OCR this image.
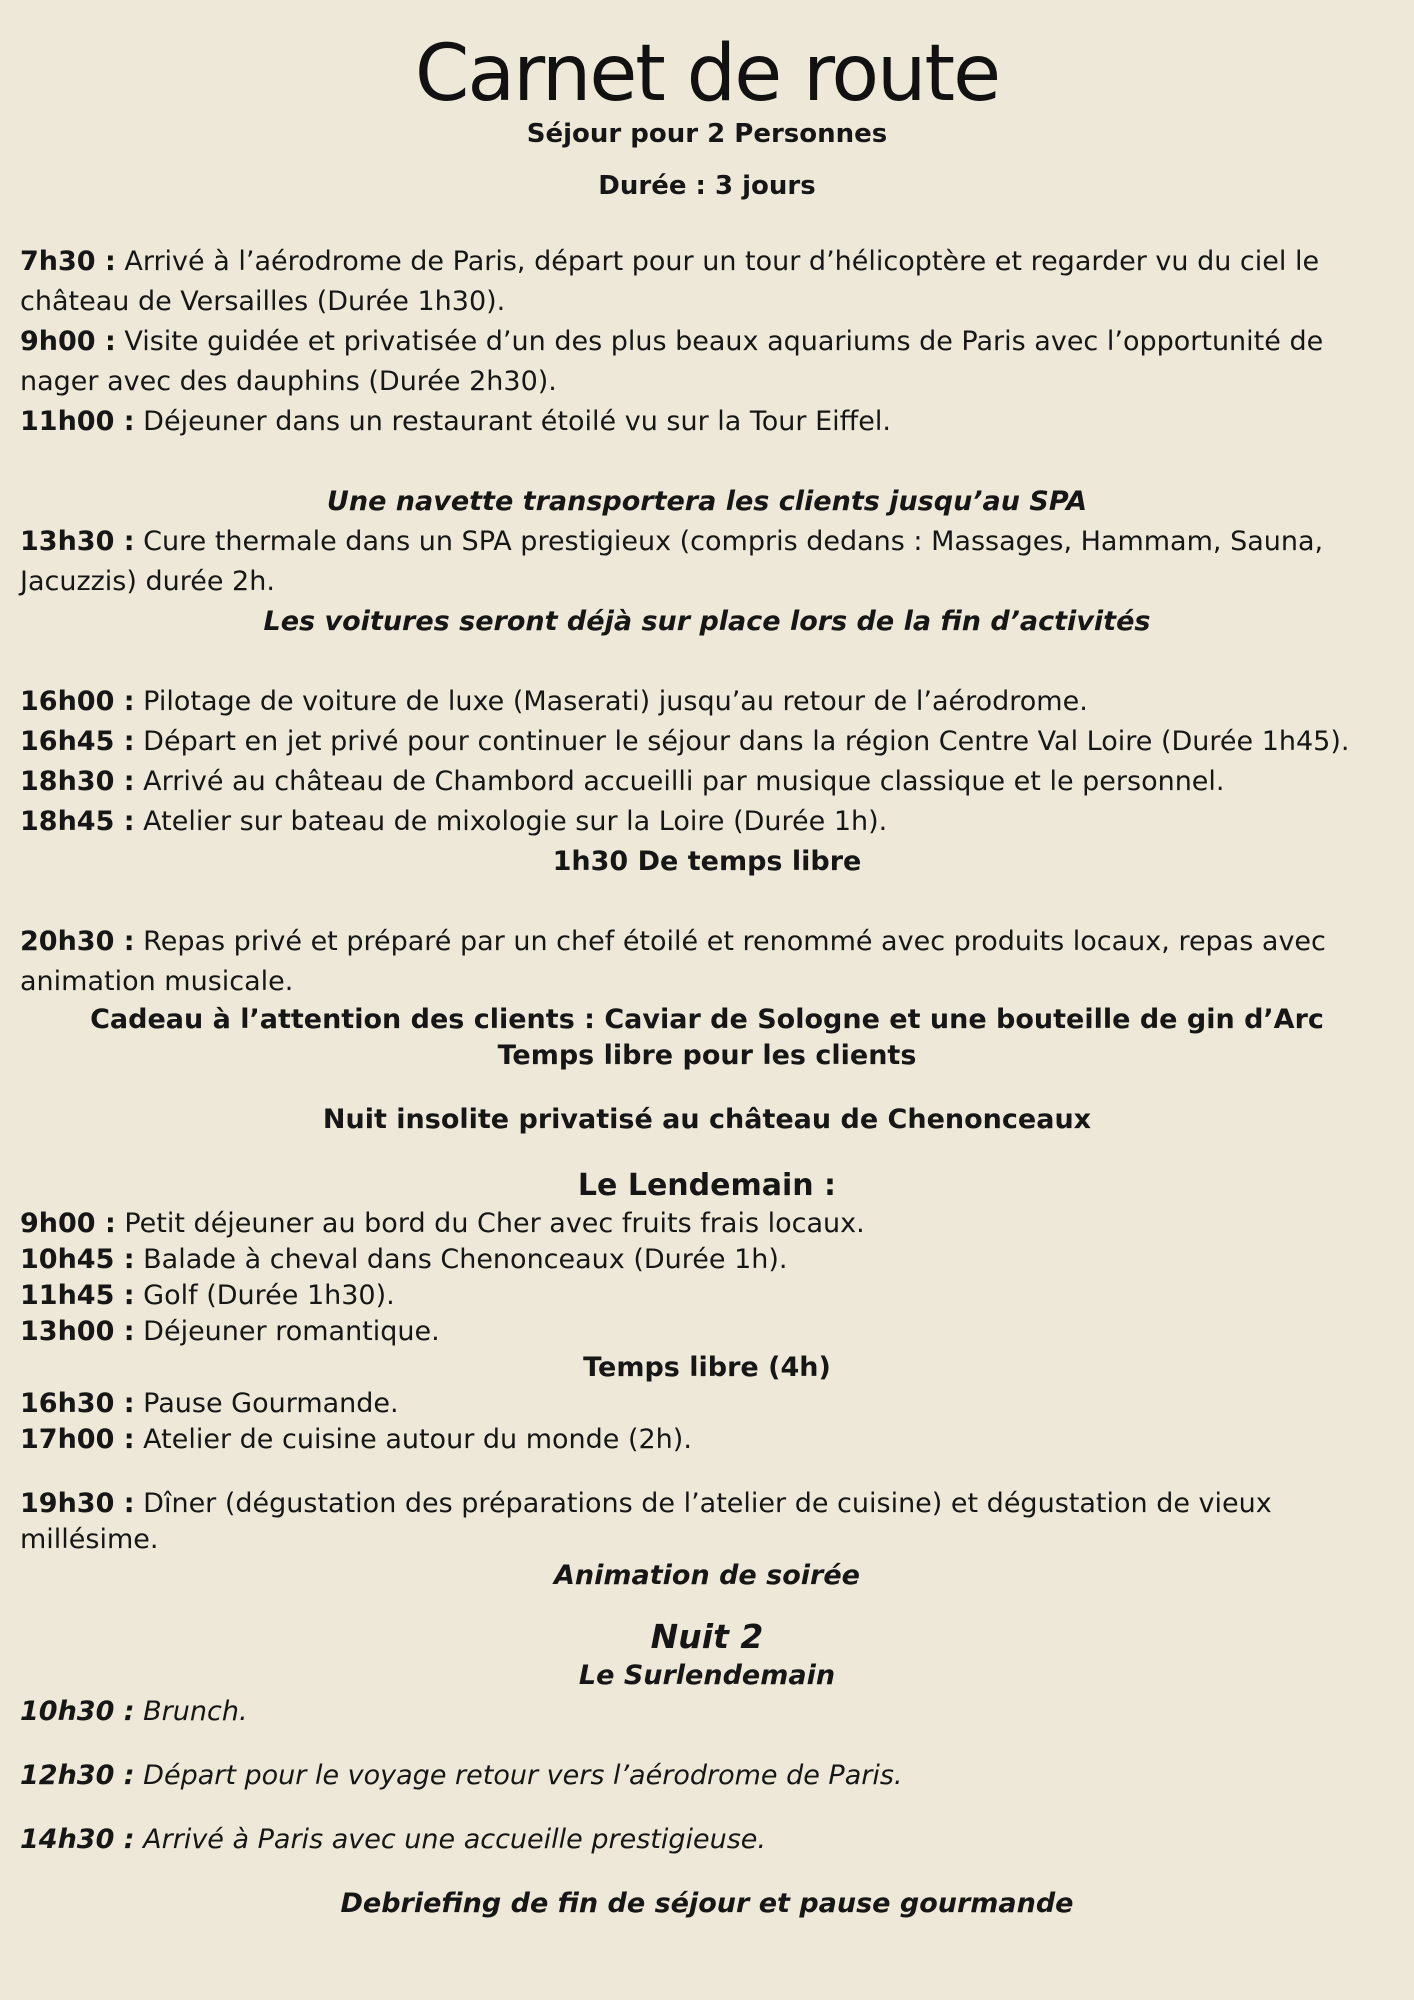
Carnet de route
Séjour pour 2 Personnes
Durée : 3 jours

7h30 : Arrivé à l’aérodrome de Paris, départ pour un tour d’hélicoptère et regarder vu du ciel le château de Versailles (Durée 1h30).

9h00 : Visite guidée et privatisée d’un des plus beaux aquariums de Paris avec l’opportunité de nager avec des dauphins (Durée 2h30).

11h00 : Déjeuner dans un restaurant étoilé vu sur la Tour Eiffel.

Une navette transportera les clients jusqu’au SPA

13h30 : Cure thermale dans un SPA prestigieux (compris dedans : Massages, Hammam, Sauna, Jacuzzis) durée 2h.

Les voitures seront déjà sur place lors de la fin d’activités

16h00 : Pilotage de voiture de luxe (Maserati) jusqu’au retour de l’aérodrome.

16h45 : Départ en jet privé pour continuer le séjour dans la région Centre Val Loire (Durée 1h45).

18h30 : Arrivé au château de Chambord accueilli par musique classique et le personnel.

18h45 : Atelier sur bateau de mixologie sur la Loire (Durée 1h).

1h30 De temps libre

20h30 : Repas privé et préparé par un chef étoilé et renommé avec produits locaux, repas avec animation musicale.

Cadeau à l’attention des clients : Caviar de Sologne et une bouteille de gin d’Arc

Temps libre pour les clients

Nuit insolite privatisé au château de Chenonceaux

Le Lendemain :

9h00 : Petit déjeuner au bord du Cher avec fruits frais locaux.

10h45 : Balade à cheval dans Chenonceaux (Durée 1h).

11h45 : Golf (Durée 1h30).

13h00 : Déjeuner romantique.

Temps libre (4h)

16h30 : Pause Gourmande.

17h00 : Atelier de cuisine autour du monde (2h).

19h30 : Dîner (dégustation des préparations de l’atelier de cuisine) et dégustation de vieux millésime.

Animation de soirée

Nuit 2

Le Surlendemain

10h30 : Brunch.

12h30 : Départ pour le voyage retour vers l’aérodrome de Paris.

14h30 : Arrivé à Paris avec une accueille prestigieuse.

Debriefing de fin de séjour et pause gourmande
